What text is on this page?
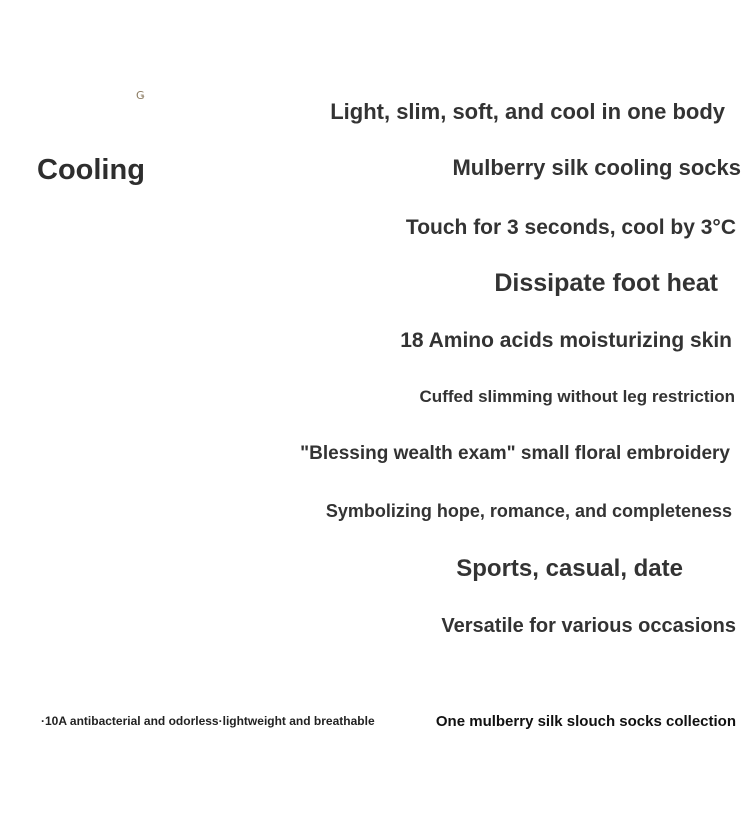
Ǥ
Cooling
Light, slim, soft, and cool in one body
Mulberry silk cooling socks
Touch for 3 seconds, cool by 3°C
Dissipate foot heat
18 Amino acids moisturizing skin
Cuffed slimming without leg restriction
"Blessing wealth exam" small floral embroidery
Symbolizing hope, romance, and completeness
Sports, casual, date
Versatile for various occasions
·10A antibacterial and odorless·lightweight and breathable	One mulberry silk slouch socks collection
